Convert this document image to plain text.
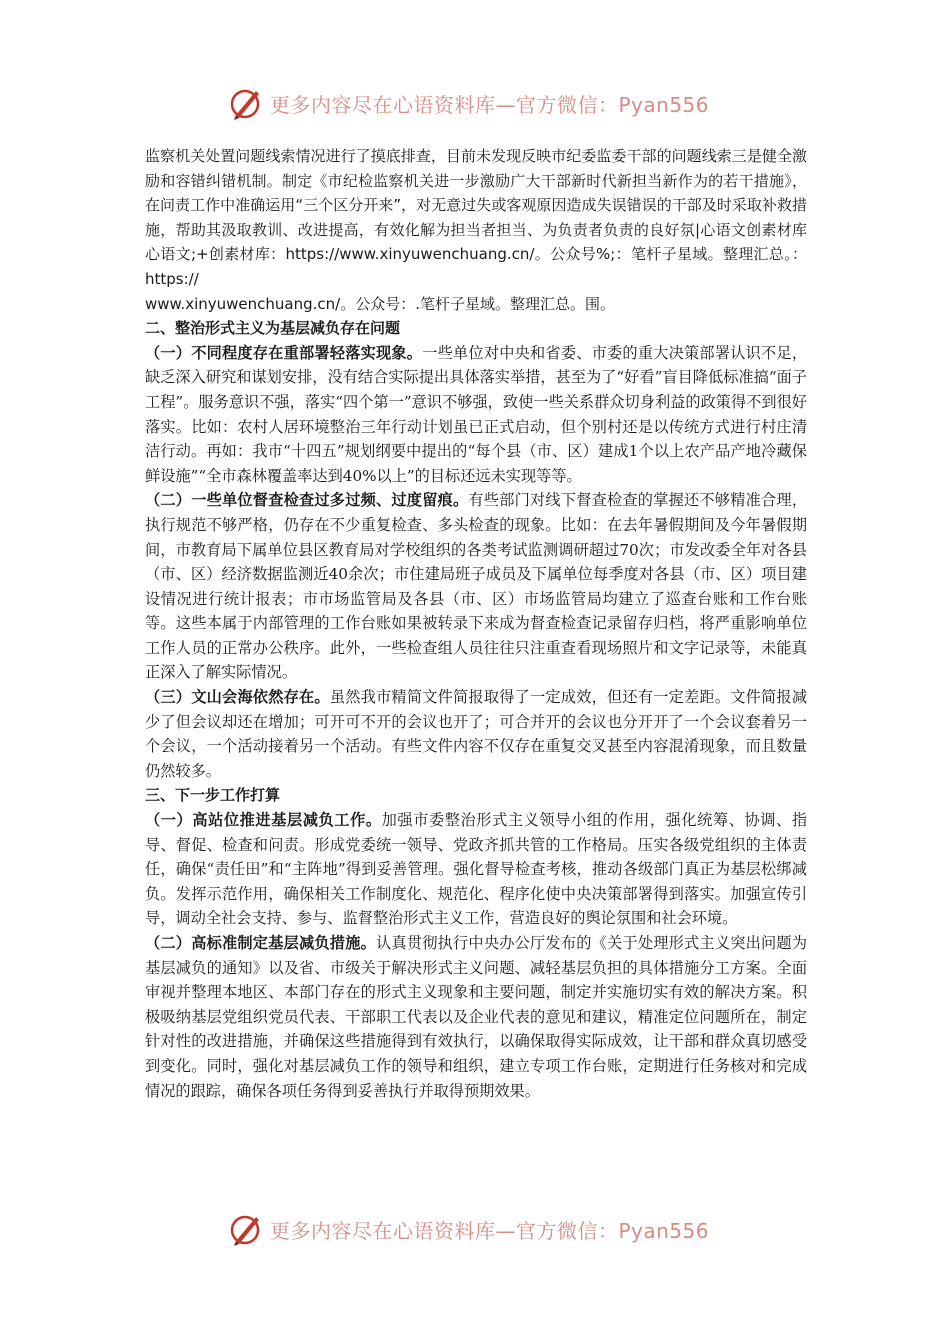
更多内容尽在心语资料库—官方微信：Pyan556

监察机关处置问题线索情况进行了摸底排查，目前未发现反映市纪委监委干部的问题线索三是健全激励和容错纠错机制。制定《市纪检监察机关进一步激励广大干部新时代新担当新作为的若干措施》，在问责工作中准确运用“三个区分开来”，对无意过失或客观原因造成失误错误的干部及时采取补救措施，帮助其汲取教训、改进提高，有效化解为担当者担当、为负责者负责的良好氛|心语文创素材库心语文;+创素材库：https://www.xinyuwenchuang.cn/。公众号%;：笔杆子星域。整理汇总。：https://

www.xinyuwenchuang.cn/。公众号：.笔杆子星域。整理汇总。围。

二、整治形式主义为基层减负存在问题

（一）不同程度存在重部署轻落实现象。一些单位对中央和省委、市委的重大决策部署认识不足，缺乏深入研究和谋划安排，没有结合实际提出具体落实举措，甚至为了“好看”盲目降低标准搞“面子工程”。服务意识不强，落实“四个第一”意识不够强，致使一些关系群众切身利益的政策得不到很好落实。比如：农村人居环境整治三年行动计划虽已正式启动，但个别村还是以传统方式进行村庄清洁行动。再如：我市“十四五”规划纲要中提出的“每个县（市、区）建成1个以上农产品产地冷藏保鲜设施”“全市森林覆盖率达到40%以上”的目标还远未实现等等。

（二）一些单位督查检查过多过频、过度留痕。有些部门对线下督查检查的掌握还不够精准合理，执行规范不够严格，仍存在不少重复检查、多头检查的现象。比如：在去年暑假期间及今年暑假期间，市教育局下属单位县区教育局对学校组织的各类考试监测调研超过70次；市发改委全年对各县（市、区）经济数据监测近40余次；市住建局班子成员及下属单位每季度对各县（市、区）项目建设情况进行统计报表；市市场监管局及各县（市、区）市场监管局均建立了巡查台账和工作台账等。这些本属于内部管理的工作台账如果被转录下来成为督查检查记录留存归档，将严重影响单位工作人员的正常办公秩序。此外，一些检查组人员往往只注重查看现场照片和文字记录等，未能真正深入了解实际情况。

（三）文山会海依然存在。虽然我市精简文件简报取得了一定成效，但还有一定差距。文件简报减少了但会议却还在增加；可开可不开的会议也开了；可合并开的会议也分开开了一个会议套着另一个会议，一个活动接着另一个活动。有些文件内容不仅存在重复交叉甚至内容混淆现象，而且数量仍然较多。

三、下一步工作打算

（一）高站位推进基层减负工作。加强市委整治形式主义领导小组的作用，强化统筹、协调、指导、督促、检查和问责。形成党委统一领导、党政齐抓共管的工作格局。压实各级党组织的主体责任，确保“责任田”和“主阵地”得到妥善管理。强化督导检查考核，推动各级部门真正为基层松绑减负。发挥示范作用，确保相关工作制度化、规范化、程序化使中央决策部署得到落实。加强宣传引导，调动全社会支持、参与、监督整治形式主义工作，营造良好的舆论氛围和社会环境。

（二）高标准制定基层减负措施。认真贯彻执行中央办公厅发布的《关于处理形式主义突出问题为基层减负的通知》以及省、市级关于解决形式主义问题、减轻基层负担的具体措施分工方案。全面审视并整理本地区、本部门存在的形式主义现象和主要问题，制定并实施切实有效的解决方案。积极吸纳基层党组织党员代表、干部职工代表以及企业代表的意见和建议，精准定位问题所在，制定针对性的改进措施，并确保这些措施得到有效执行，以确保取得实际成效，让干部和群众真切感受到变化。同时，强化对基层减负工作的领导和组织，建立专项工作台账，定期进行任务核对和完成情况的跟踪，确保各项任务得到妥善执行并取得预期效果。

更多内容尽在心语资料库—官方微信：Pyan556
